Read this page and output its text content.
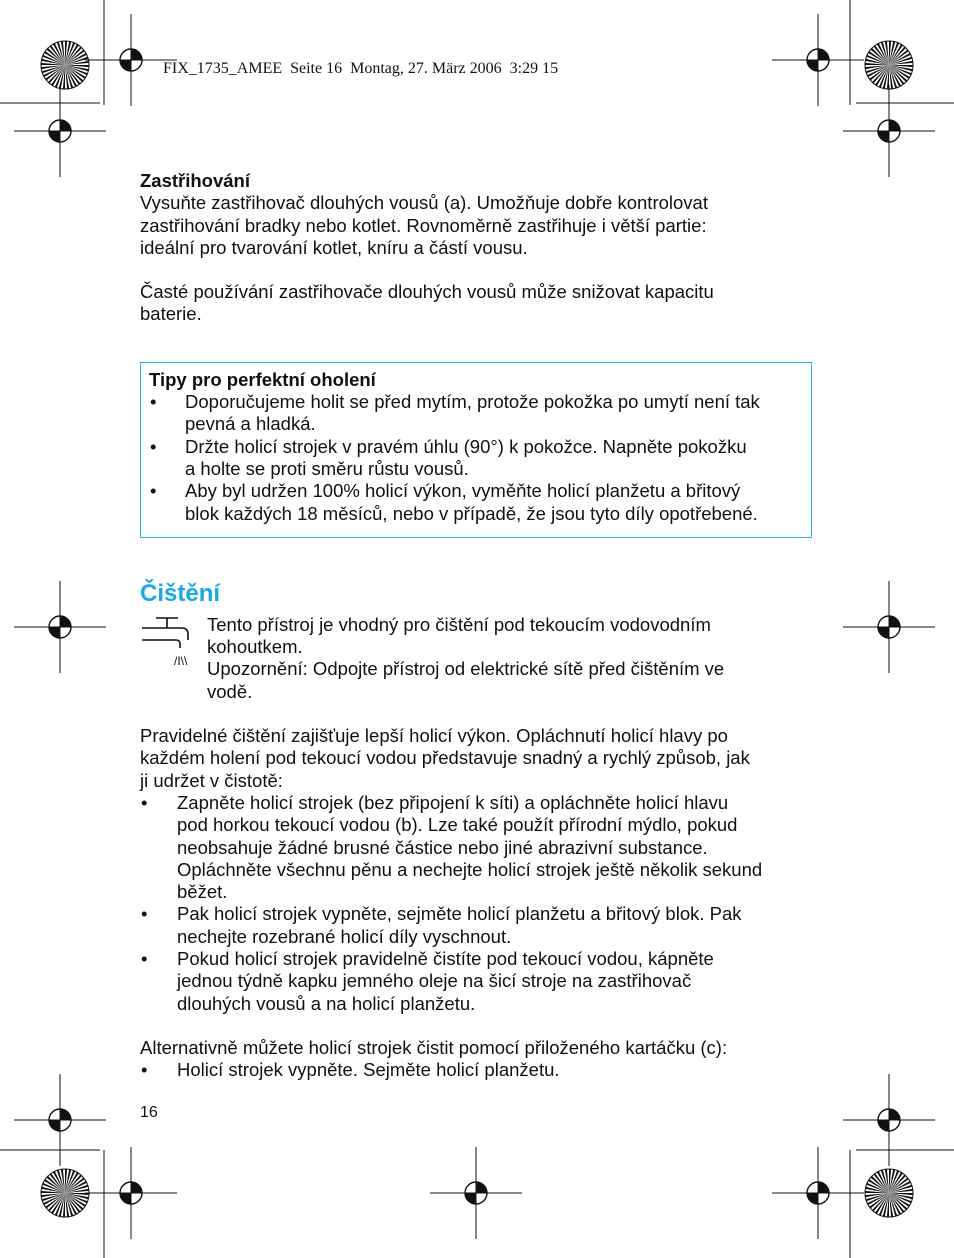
FIX_1735_AMEE  Seite 16  Montag, 27. März 2006  3:29 15
Zastřihování
Vysuňte zastřihovač dlouhých vousů (a). Umožňuje dobře kontrolovat
zastřihování bradky nebo kotlet. Rovnoměrně zastřihuje i větší partie:
ideální pro tvarování kotlet, kníru a částí vousu.
Časté používání zastřihovače dlouhých vousů může snižovat kapacitu
baterie.
Tipy pro perfektní oholení
•	Doporučujeme holit se před mytím, protože pokožka po umytí není tak
pevná a hladká.
•	Držte holicí strojek v pravém úhlu (90°) k pokožce. Napněte pokožku
a holte se proti směru růstu vousů.
•	Aby byl udržen 100% holicí výkon, vyměňte holicí planžetu a břitový
blok každých 18 měsíců, nebo v případě, že jsou tyto díly opotřebené.
Čištění
/I\\
Tento přístroj je vhodný pro čištění pod tekoucím vodovodním
kohoutkem.
Upozornění: Odpojte přístroj od elektrické sítě před čištěním ve
vodě.
Pravidelné čištění zajišťuje lepší holicí výkon. Opláchnutí holicí hlavy po
každém holení pod tekoucí vodou představuje snadný a rychlý způsob, jak
ji udržet v čistotě:
•	Zapněte holicí strojek (bez připojení k síti) a opláchněte holicí hlavu
pod horkou tekoucí vodou (b). Lze také použít přírodní mýdlo, pokud
neobsahuje žádné brusné částice nebo jiné abrazivní substance.
Opláchněte všechnu pěnu a nechejte holicí strojek ještě několik sekund
běžet.
•	Pak holicí strojek vypněte, sejměte holicí planžetu a břitový blok. Pak
nechejte rozebrané holicí díly vyschnout.
•	Pokud holicí strojek pravidelně čistíte pod tekoucí vodou, kápněte
jednou týdně kapku jemného oleje na šicí stroje na zastřihovač
dlouhých vousů a na holicí planžetu.
Alternativně můžete holicí strojek čistit pomocí přiloženého kartáčku (c):
•	Holicí strojek vypněte. Sejměte holicí planžetu.
16
